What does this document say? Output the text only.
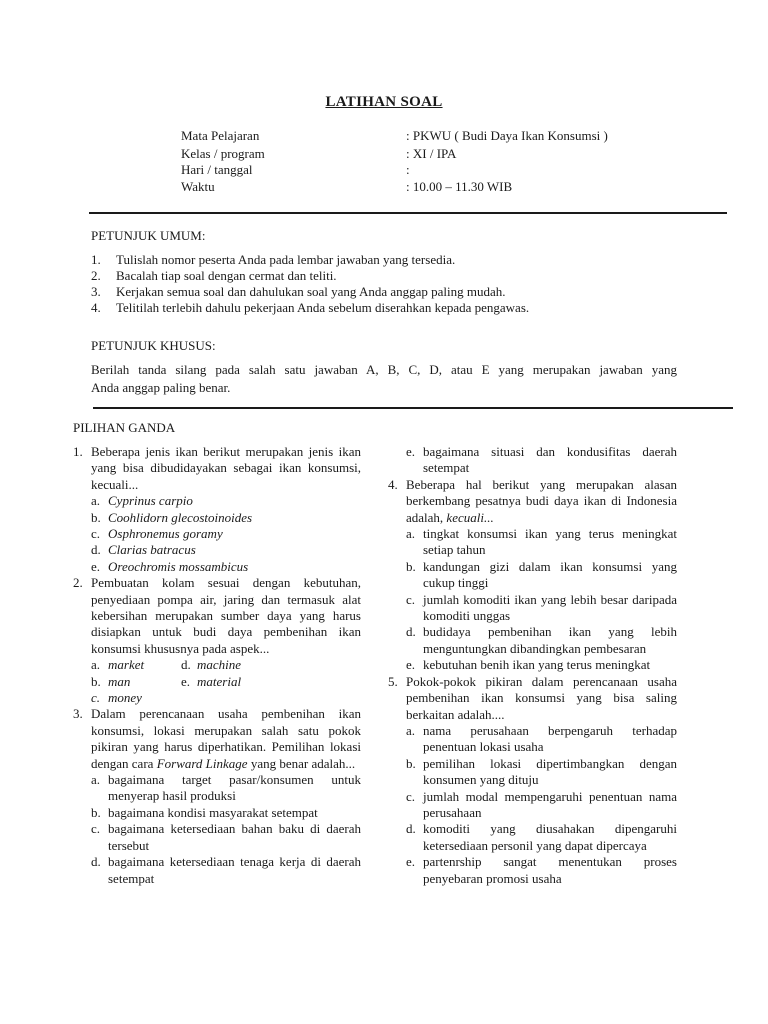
LATIHAN SOAL
Mata Pelajaran	: PKWU ( Budi Daya Ikan Konsumsi )
Kelas / program	: XI / IPA
Hari / tanggal	:
Waktu	: 10.00 – 11.30 WIB
PETUNJUK UMUM:
1. Tulislah nomor peserta Anda pada lembar jawaban yang tersedia.
2. Bacalah tiap soal dengan cermat dan teliti.
3. Kerjakan semua soal dan dahulukan soal yang Anda anggap paling mudah.
4. Telitilah terlebih dahulu pekerjaan Anda sebelum diserahkan kepada pengawas.
PETUNJUK KHUSUS:
Berilah tanda silang pada salah satu jawaban A, B, C, D, atau E yang merupakan jawaban yang
Anda anggap paling benar.
PILIHAN GANDA
1. Beberapa jenis ikan berikut merupakan jenis ikan yang bisa dibudidayakan sebagai ikan konsumsi, kecuali...
a. Cyprinus carpio
b. Coohlidorn glecostoinoides
c. Osphronemus goramy
d. Clarias batracus
e. Oreochromis mossambicus
2. Pembuatan kolam sesuai dengan kebutuhan, penyediaan pompa air, jaring dan termasuk alat kebersihan merupakan sumber daya yang harus disiapkan untuk budi daya pembenihan ikan konsumsi khususnya pada aspek...
a. market	d. machine
b. man	e. material
c. money
3. Dalam perencanaan usaha pembenihan ikan konsumsi, lokasi merupakan salah satu pokok pikiran yang harus diperhatikan. Pemilihan lokasi dengan cara Forward Linkage yang benar adalah...
a. bagaimana target pasar/konsumen untuk menyerap hasil produksi
b. bagaimana kondisi masyarakat setempat
c. bagaimana ketersediaan bahan baku di daerah tersebut
d. bagaimana ketersediaan tenaga kerja di daerah setempat
e. bagaimana situasi dan kondusifitas daerah setempat
4. Beberapa hal berikut yang merupakan alasan berkembang pesatnya budi daya ikan di Indonesia adalah, kecuali...
a. tingkat konsumsi ikan yang terus meningkat setiap tahun
b. kandungan gizi dalam ikan konsumsi yang cukup tinggi
c. jumlah komoditi ikan yang lebih besar daripada komoditi unggas
d. budidaya pembenihan ikan yang lebih menguntungkan dibandingkan pembesaran
e. kebutuhan benih ikan yang terus meningkat
5. Pokok-pokok pikiran dalam perencanaan usaha pembenihan ikan konsumsi yang bisa saling berkaitan adalah....
a. nama perusahaan berpengaruh terhadap penentuan lokasi usaha
b. pemilihan lokasi dipertimbangkan dengan konsumen yang dituju
c. jumlah modal mempengaruhi penentuan nama perusahaan
d. komoditi yang diusahakan dipengaruhi ketersediaan personil yang dapat dipercaya
e. partenrship sangat menentukan proses penyebaran promosi usaha
